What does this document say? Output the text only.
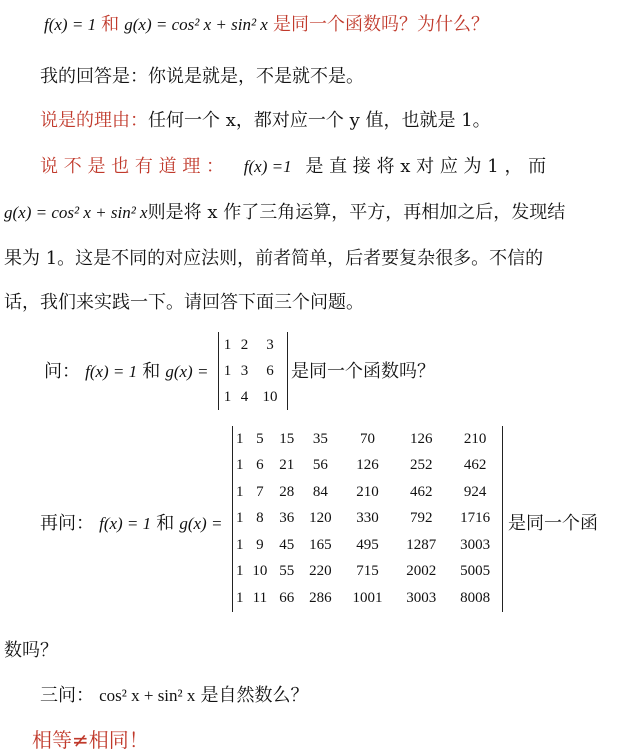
f(x) = 1 和 g(x) = cos² x + sin² x 是同一个函数吗？为什么？
我的回答是：你说是就是，不是就不是。
说是的理由：任何一个 x，都对应一个 y 值，也就是 1。
说 不 是 也 有 道 理 ： f(x) =1 是 直 接 将 x 对 应 为 1 ， 而
g(x) = cos² x + sin² x则是将 x 作了三角运算，平方，再相加之后，发现结
果为 1。这是不同的对应法则，前者简单，后者要复杂很多。不信的
话，我们来实践一下。请回答下面三个问题。
问： f(x) = 1 和 g(x) =
1	2	3
1	3	6
1	4	10
是同一个函数吗？
再问： f(x) = 1 和 g(x) =
1	5	15	35	70	126	210
1	6	21	56	126	252	462
1	7	28	84	210	462	924
1	8	36	120	330	792	1716
1	9	45	165	495	1287	3003
1	10	55	220	715	2002	5005
1	11	66	286	1001	3003	8008
是同一个函
数吗？
三问： cos² x + sin² x 是自然数么？
相等≠相同！
